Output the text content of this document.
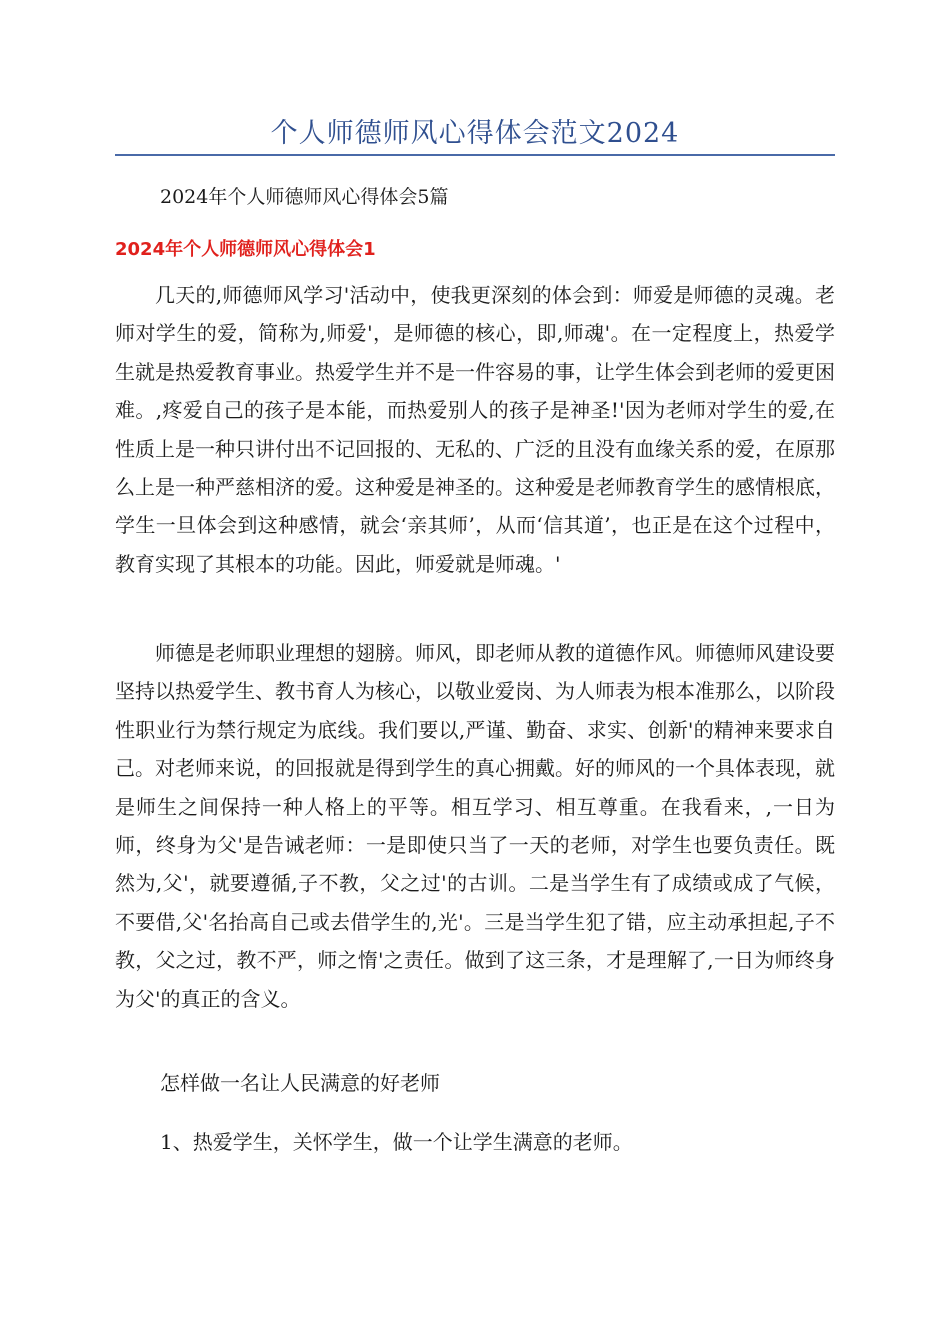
个人师德师风心得体会范文2024

2024年个人师德师风心得体会5篇

2024年个人师德师风心得体会1

几天的,师德师风学习'活动中，使我更深刻的体会到：师爱是师德的灵魂。老师对学生的爱，简称为,师爱'，是师德的核心，即,师魂'。在一定程度上，热爱学生就是热爱教育事业。热爱学生并不是一件容易的事，让学生体会到老师的爱更困难。,疼爱自己的孩子是本能，而热爱别人的孩子是神圣!'因为老师对学生的爱,在性质上是一种只讲付出不记回报的、无私的、广泛的且没有血缘关系的爱，在原那么上是一种严慈相济的爱。这种爱是神圣的。这种爱是老师教育学生的感情根底，学生一旦体会到这种感情，就会‘亲其师’，从而‘信其道’，也正是在这个过程中，教育实现了其根本的功能。因此，师爱就是师魂。'

师德是老师职业理想的翅膀。师风，即老师从教的道德作风。师德师风建设要坚持以热爱学生、教书育人为核心，以敬业爱岗、为人师表为根本准那么，以阶段性职业行为禁行规定为底线。我们要以,严谨、勤奋、求实、创新'的精神来要求自己。对老师来说，的回报就是得到学生的真心拥戴。好的师风的一个具体表现，就是师生之间保持一种人格上的平等。相互学习、相互尊重。在我看来，,一日为师，终身为父'是告诫老师：一是即使只当了一天的老师，对学生也要负责任。既然为,父'，就要遵循,子不教，父之过'的古训。二是当学生有了成绩或成了气候，不要借,父'名抬高自己或去借学生的,光'。三是当学生犯了错，应主动承担起,子不教，父之过，教不严，师之惰'之责任。做到了这三条，才是理解了,一日为师终身为父'的真正的含义。

怎样做一名让人民满意的好老师

1、热爱学生，关怀学生，做一个让学生满意的老师。
